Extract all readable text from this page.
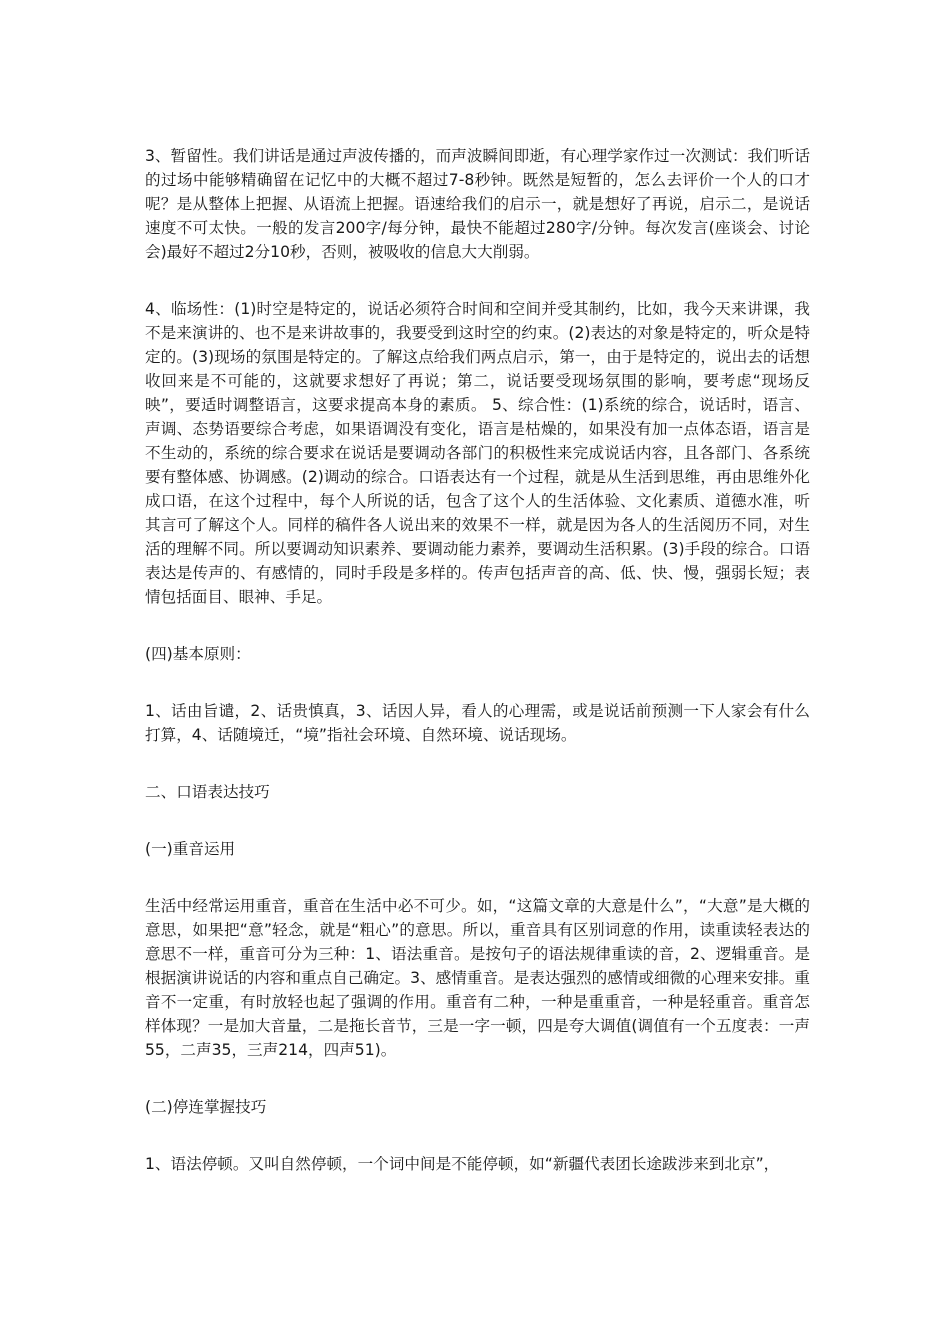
3、暂留性。我们讲话是通过声波传播的，而声波瞬间即逝，有心理学家作过一次测试：我们听话的过场中能够精确留在记忆中的大概不超过7-8秒钟。既然是短暂的，怎么去评价一个人的口才呢？是从整体上把握、从语流上把握。语速给我们的启示一，就是想好了再说，启示二，是说话速度不可太快。一般的发言200字/每分钟，最快不能超过280字/分钟。每次发言(座谈会、讨论会)最好不超过2分10秒，否则，被吸收的信息大大削弱。

4、临场性：(1)时空是特定的，说话必须符合时间和空间并受其制约，比如，我今天来讲课，我不是来演讲的、也不是来讲故事的，我要受到这时空的约束。(2)表达的对象是特定的，听众是特定的。(3)现场的氛围是特定的。了解这点给我们两点启示，第一，由于是特定的，说出去的话想收回来是不可能的，这就要求想好了再说；第二，说话要受现场氛围的影响，要考虑“现场反映”，要适时调整语言，这要求提高本身的素质。 5、综合性：(1)系统的综合，说话时，语言、声调、态势语要综合考虑，如果语调没有变化，语言是枯燥的，如果没有加一点体态语，语言是不生动的，系统的综合要求在说话是要调动各部门的积极性来完成说话内容，且各部门、各系统要有整体感、协调感。(2)调动的综合。口语表达有一个过程，就是从生活到思维，再由思维外化成口语，在这个过程中，每个人所说的话，包含了这个人的生活体验、文化素质、道德水准，听其言可了解这个人。同样的稿件各人说出来的效果不一样，就是因为各人的生活阅历不同，对生活的理解不同。所以要调动知识素养、要调动能力素养，要调动生活积累。(3)手段的综合。口语表达是传声的、有感情的，同时手段是多样的。传声包括声音的高、低、快、慢，强弱长短；表情包括面目、眼神、手足。

(四)基本原则：

1、话由旨谴，2、话贵慎真，3、话因人异，看人的心理需，或是说话前预测一下人家会有什么打算，4、话随境迁，“境”指社会环境、自然环境、说话现场。

二、口语表达技巧

(一)重音运用

生活中经常运用重音，重音在生活中必不可少。如，“这篇文章的大意是什么”，“大意”是大概的意思，如果把“意”轻念，就是“粗心”的意思。所以，重音具有区别词意的作用，读重读轻表达的意思不一样，重音可分为三种：1、语法重音。是按句子的语法规律重读的音，2、逻辑重音。是根据演讲说话的内容和重点自己确定。3、感情重音。是表达强烈的感情或细微的心理来安排。重音不一定重，有时放轻也起了强调的作用。重音有二种，一种是重重音，一种是轻重音。重音怎样体现？一是加大音量，二是拖长音节，三是一字一顿，四是夸大调值(调值有一个五度表：一声55，二声35，三声214，四声51)。

(二)停连掌握技巧

1、语法停顿。又叫自然停顿，一个词中间是不能停顿，如“新疆代表团长途跋涉来到北京”，
